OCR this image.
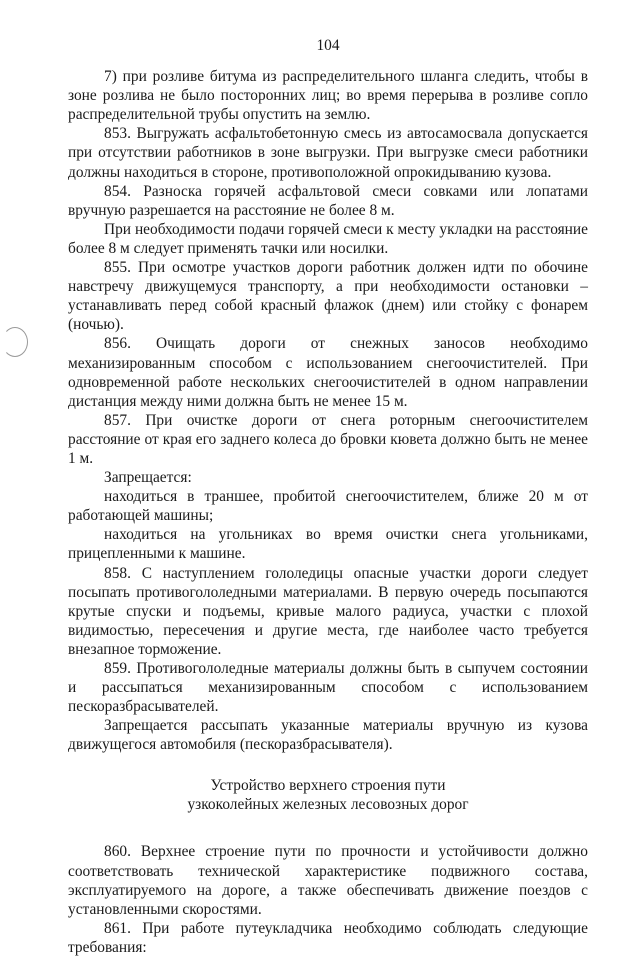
104

7) при розливе битума из распределительного шланга следить, чтобы в зоне розлива не было посторонних лиц; во время перерыва в розливе сопло распределительной трубы опустить на землю.

853. Выгружать асфальтобетонную смесь из автосамосвала допускается при отсутствии работников в зоне выгрузки. При выгрузке смеси работники должны находиться в стороне, противоположной опрокидыванию кузова.

854. Разноска горячей асфальтовой смеси совками или лопатами вручную разрешается на расстояние не более 8 м.

При необходимости подачи горячей смеси к месту укладки на расстояние более 8 м следует применять тачки или носилки.

855. При осмотре участков дороги работник должен идти по обочине навстречу движущемуся транспорту, а при необходимости остановки – устанавливать перед собой красный флажок (днем) или стойку с фонарем (ночью).

856. Очищать дороги от снежных заносов необходимо механизированным способом с использованием снегоочистителей. При одновременной работе нескольких снегоочистителей в одном направлении дистанция между ними должна быть не менее 15 м.

857. При очистке дороги от снега роторным снегоочистителем расстояние от края его заднего колеса до бровки кювета должно быть не менее 1 м.

Запрещается:

находиться в траншее, пробитой снегоочистителем, ближе 20 м от работающей машины;

находиться на угольниках во время очистки снега угольниками, прицепленными к машине.

858. С наступлением гололедицы опасные участки дороги следует посыпать противогололедными материалами. В первую очередь посыпаются крутые спуски и подъемы, кривые малого радиуса, участки с плохой видимостью, пересечения и другие места, где наиболее часто требуется внезапное торможение.

859. Противогололедные материалы должны быть в сыпучем состоянии и рассыпаться механизированным способом с использованием пескоразбрасывателей.

Запрещается рассыпать указанные материалы вручную из кузова движущегося автомобиля (пескоразбрасывателя).

Устройство верхнего строения пути
узкоколейных железных лесовозных дорог

860. Верхнее строение пути по прочности и устойчивости должно соответствовать технической характеристике подвижного состава, эксплуатируемого на дороге, а также обеспечивать движение поездов с установленными скоростями.

861. При работе путеукладчика необходимо соблюдать следующие требования:
